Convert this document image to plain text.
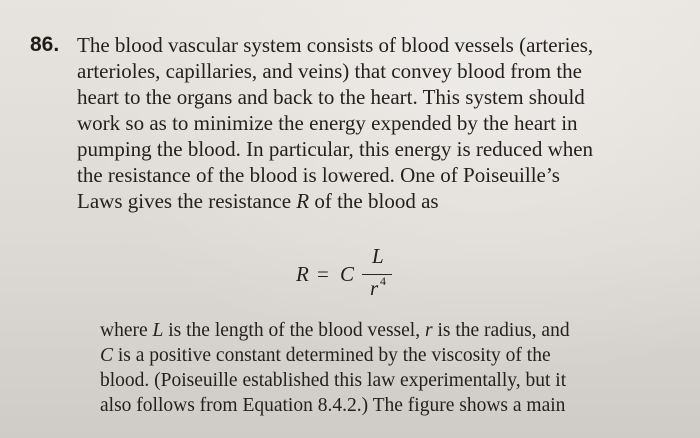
86. The blood vascular system consists of blood vessels (arteries,
arterioles, capillaries, and veins) that convey blood from the
heart to the organs and back to the heart. This system should
work so as to minimize the energy expended by the heart in
pumping the blood. In particular, this energy is reduced when
the resistance of the blood is lowered. One of Poiseuille’s
Laws gives the resistance R of the blood as
R = C
L
r 4
where L is the length of the blood vessel, r is the radius, and
C is a positive constant determined by the viscosity of the
blood. (Poiseuille established this law experimentally, but it
also follows from Equation 8.4.2.) The figure shows a main
